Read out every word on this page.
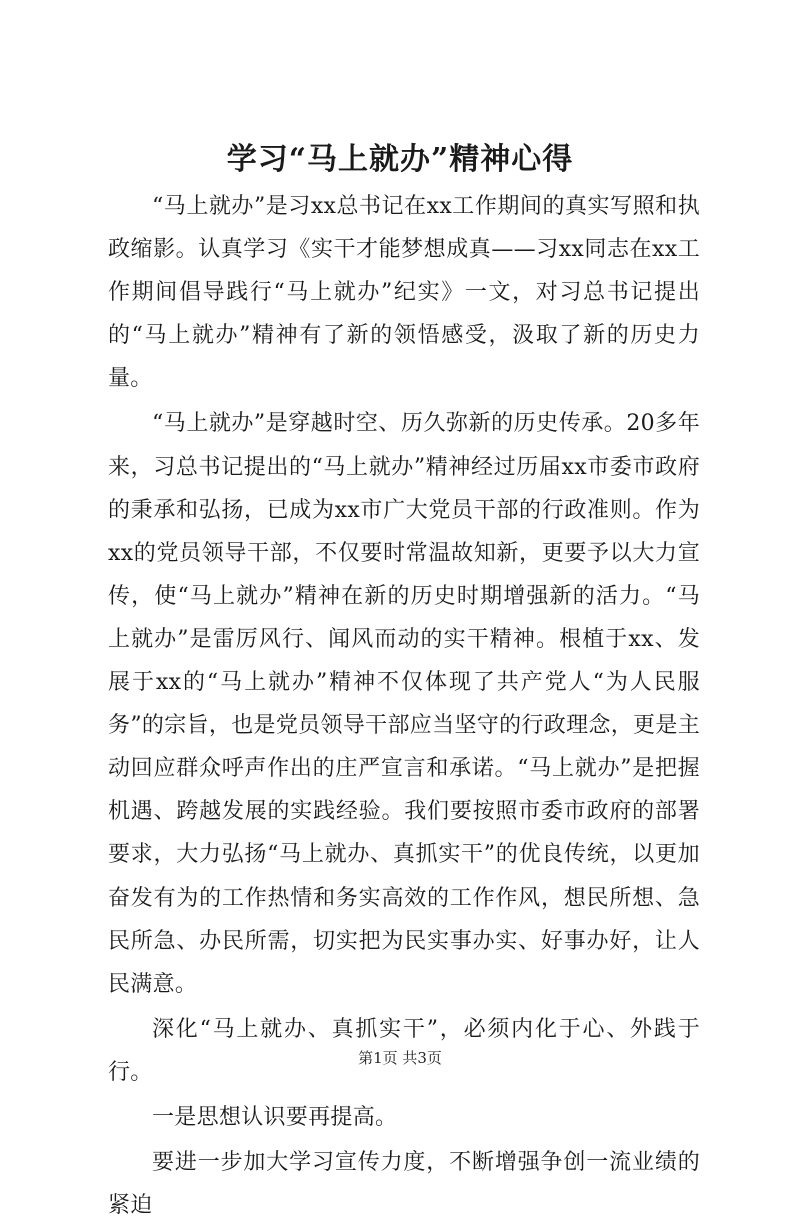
学习“马上就办”精神心得

“马上就办”是习xx总书记在xx工作期间的真实写照和执政缩影。认真学习《实干才能梦想成真——习xx同志在xx工作期间倡导践行“马上就办”纪实》一文，对习总书记提出的“马上就办”精神有了新的领悟感受，汲取了新的历史力量。

“马上就办”是穿越时空、历久弥新的历史传承。20多年来，习总书记提出的“马上就办”精神经过历届xx市委市政府的秉承和弘扬，已成为xx市广大党员干部的行政准则。作为xx的党员领导干部，不仅要时常温故知新，更要予以大力宣传，使“马上就办”精神在新的历史时期增强新的活力。“马上就办”是雷厉风行、闻风而动的实干精神。根植于xx、发展于xx的“马上就办”精神不仅体现了共产党人“为人民服务”的宗旨，也是党员领导干部应当坚守的行政理念，更是主动回应群众呼声作出的庄严宣言和承诺。“马上就办”是把握机遇、跨越发展的实践经验。我们要按照市委市政府的部署要求，大力弘扬“马上就办、真抓实干”的优良传统，以更加奋发有为的工作热情和务实高效的工作作风，想民所想、急民所急、办民所需，切实把为民实事办实、好事办好，让人民满意。

深化“马上就办、真抓实干”，必须内化于心、外践于行。

一是思想认识要再提高。

要进一步加大学习宣传力度，不断增强争创一流业绩的紧迫

第1页 共3页
